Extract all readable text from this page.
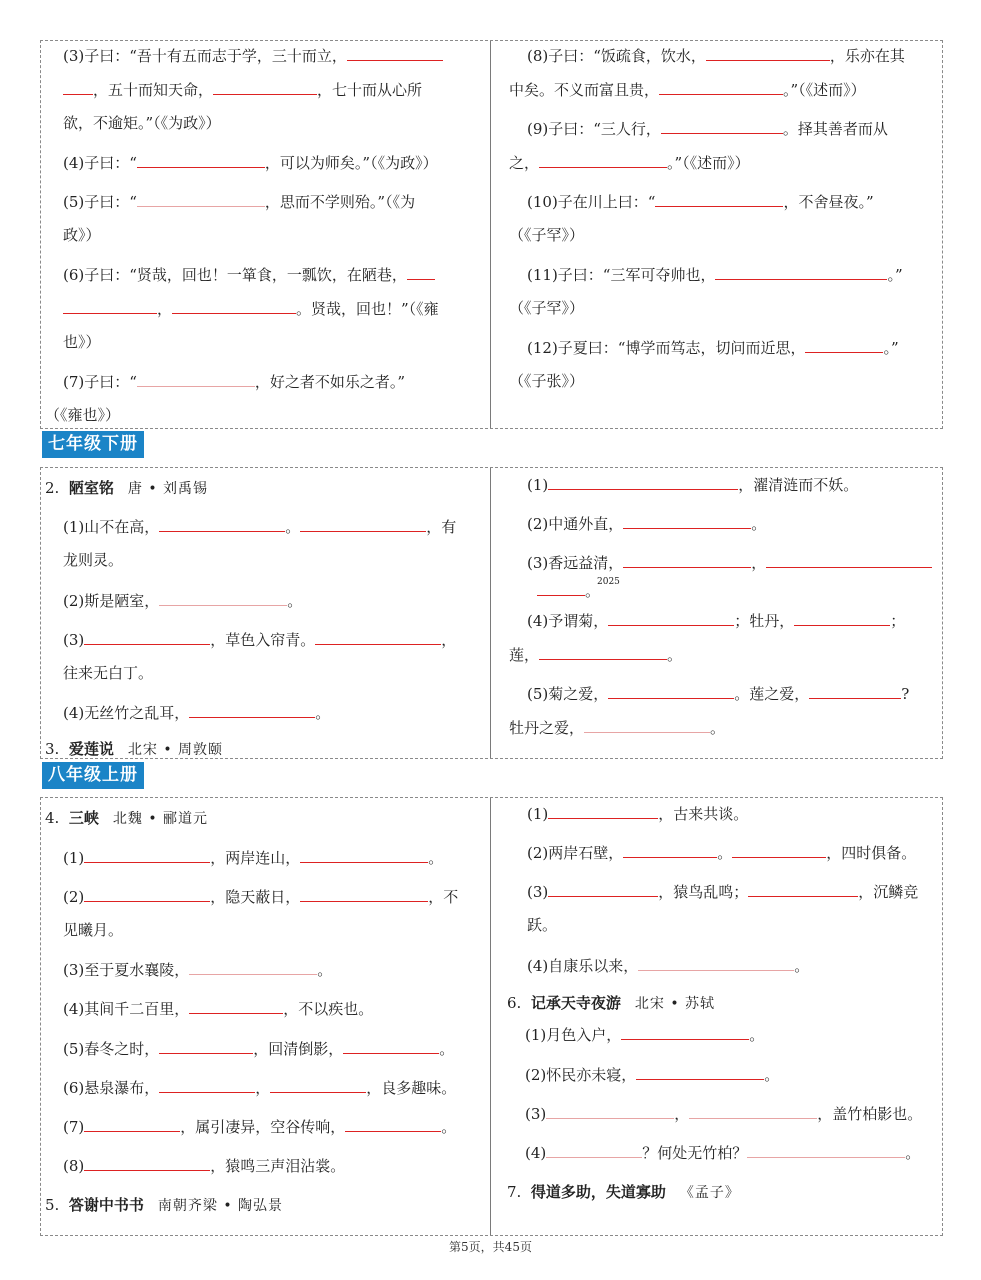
(3)子曰：“吾十有五而志于学，三十而立，
，五十而知天命，	，七十而从心所
欲，不逾矩。”（《为政》）
(4)子曰：“	，可以为师矣。”（《为政》）
(5)子曰：“	，思而不学则殆。”（《为
政》）
(6)子曰：“贤哉，回也！一箪食，一瓢饮，在陋巷，
，	。贤哉，回也！”（《雍
也》）
(7)子曰：“	，好之者不如乐之者。”
（《雍也》）
(8)子曰：“饭疏食，饮水，	，乐亦在其
中矣。不义而富且贵，	。”（《述而》）
(9)子曰：“三人行，	。择其善者而从
之，	。”（《述而》）
(10)子在川上曰：“	，不舍昼夜。”
（《子罕》）
(11)子曰：“三军可夺帅也，	。”
（《子罕》）
(12)子夏曰：“博学而笃志，切问而近思，	。”
（《子张》）
七年级下册
2. 陋室铭 唐 • 刘禹锡
(1)山不在高，	。	，有
龙则灵。
(2)斯是陋室，	。
(3)	，草色入帘青。	，
往来无白丁。
(4)无丝竹之乱耳，	。
3. 爱莲说 北宋 • 周敦颐
(1)	，濯清涟而不妖。
(2)中通外直，	。
(3)香远益清，	，
2025
。
(4)予谓菊，	；牡丹，	；
莲，	。
(5)菊之爱，	。莲之爱，	?
牡丹之爱，	。
八年级上册
4. 三峡 北魏 • 郦道元
(1)	，两岸连山，	。
(2)	，隐天蔽日，	，不
见曦月。
(3)至于夏水襄陵，	。
(4)其间千二百里，	，不以疾也。
(5)春冬之时，	，回清倒影，	。
(6)悬泉瀑布，	，	，良多趣味。
(7)	，属引凄异，空谷传响，	。
(8)	，猿鸣三声泪沾裳。
5. 答谢中书书 南朝齐梁 • 陶弘景
(1)	，古来共谈。
(2)两岸石壁，	。	，四时俱备。
(3)	，猿鸟乱鸣；	，沉鳞竞
跃。
(4)自康乐以来，	。
6. 记承天寺夜游 北宋 • 苏轼
(1)月色入户，	。
(2)怀民亦未寝，	。
(3)	，	，盖竹柏影也。
(4)	？何处无竹柏？	。
7. 得道多助，失道寡助 《孟子》
第5页，共45页
